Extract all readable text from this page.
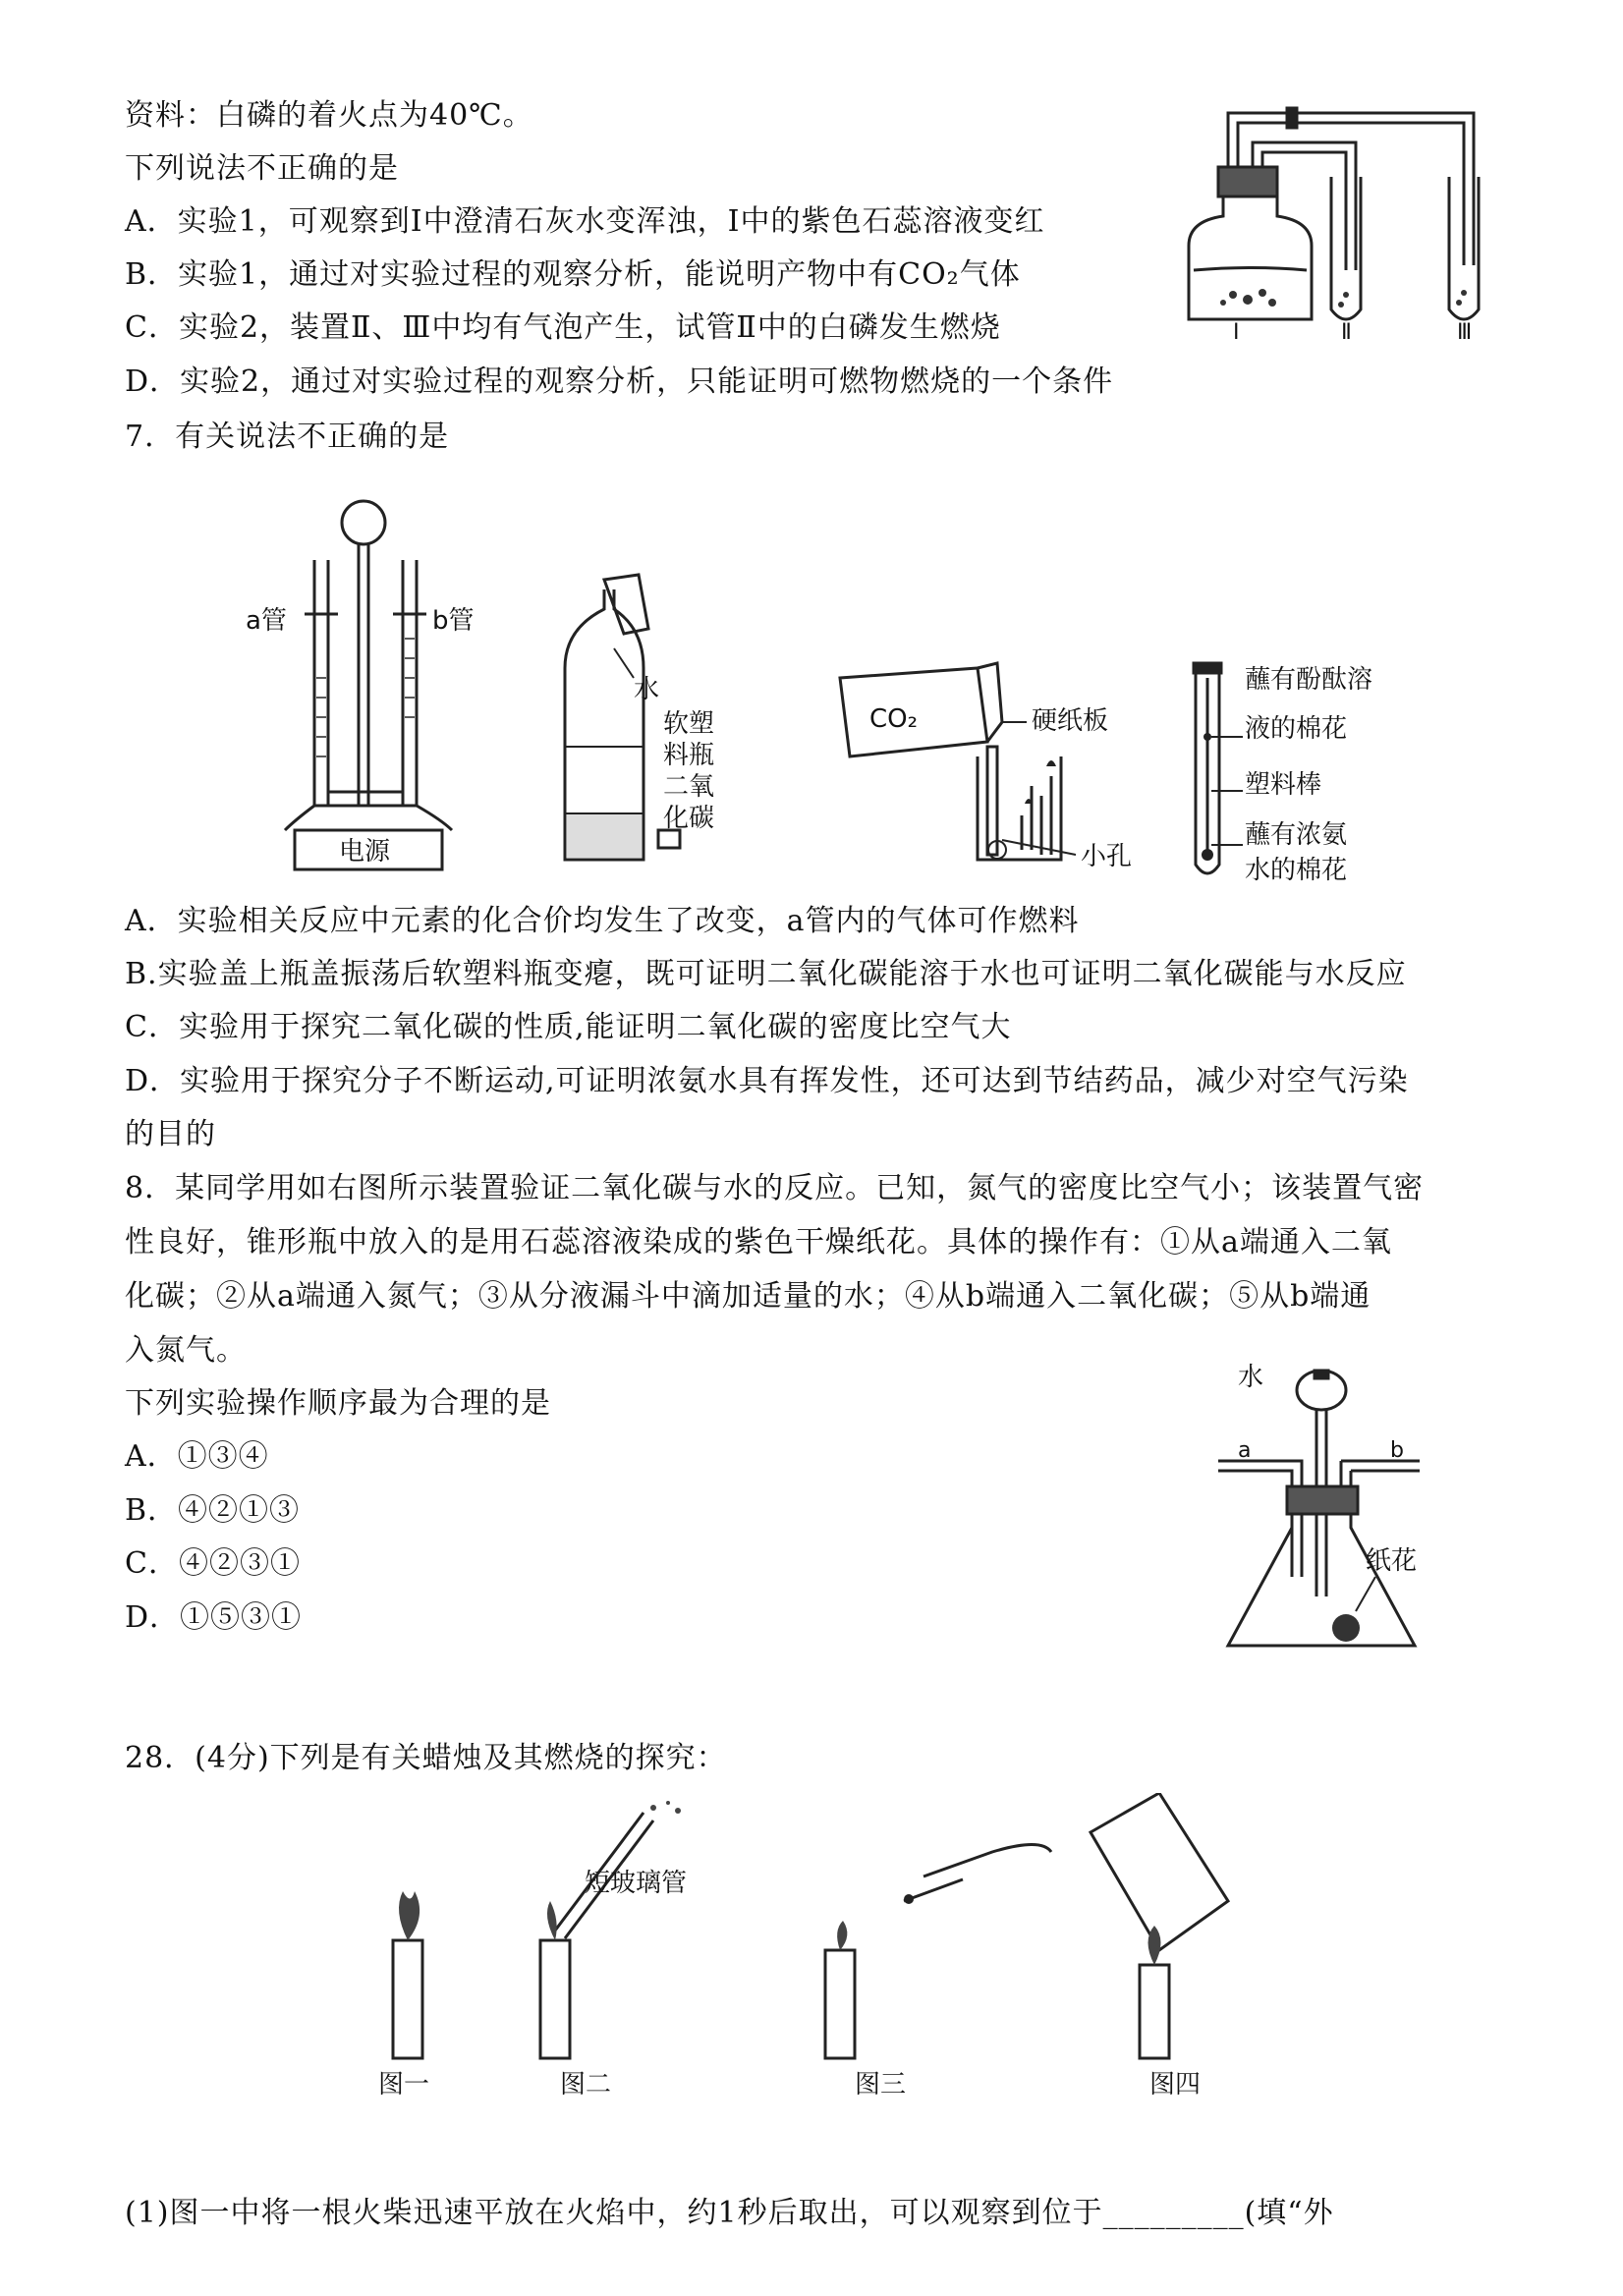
资料：白磷的着火点为40℃。
下列说法不正确的是
A．实验1，可观察到Ⅰ中澄清石灰水变浑浊，Ⅰ中的紫色石蕊溶液变红
B．实验1，通过对实验过程的观察分析，能说明产物中有CO₂气体
C．实验2，装置Ⅱ、Ⅲ中均有气泡产生，试管Ⅱ中的白磷发生燃烧
D．实验2，通过对实验过程的观察分析，只能证明可燃物燃烧的一个条件
Ⅰ	Ⅱ	Ⅲ
7．有关说法不正确的是
a管	b管
电源
水
软塑
料瓶
二氧
化碳
CO₂	硬纸板
小孔
蘸有酚酞溶
液的棉花
塑料棒
蘸有浓氨
水的棉花
A．实验相关反应中元素的化合价均发生了改变，a管内的气体可作燃料
B.实验盖上瓶盖振荡后软塑料瓶变瘪，既可证明二氧化碳能溶于水也可证明二氧化碳能与水反应
C．实验用于探究二氧化碳的性质,能证明二氧化碳的密度比空气大
D．实验用于探究分子不断运动,可证明浓氨水具有挥发性，还可达到节结药品，减少对空气污染
的目的
8．某同学用如右图所示装置验证二氧化碳与水的反应。已知，氮气的密度比空气小；该装置气密
性良好，锥形瓶中放入的是用石蕊溶液染成的紫色干燥纸花。具体的操作有：①从a端通入二氧
化碳；②从a端通入氮气；③从分液漏斗中滴加适量的水；④从b端通入二氧化碳；⑤从b端通
入氮气。
下列实验操作顺序最为合理的是
A．①③④
B．④②①③
C．④②③①
D．①⑤③①
水
a	b
纸花
28．(4分)下列是有关蜡烛及其燃烧的探究：
短玻璃管
图一	图二	图三	图四
(1)图一中将一根火柴迅速平放在火焰中，约1秒后取出，可以观察到位于_________(填“外
